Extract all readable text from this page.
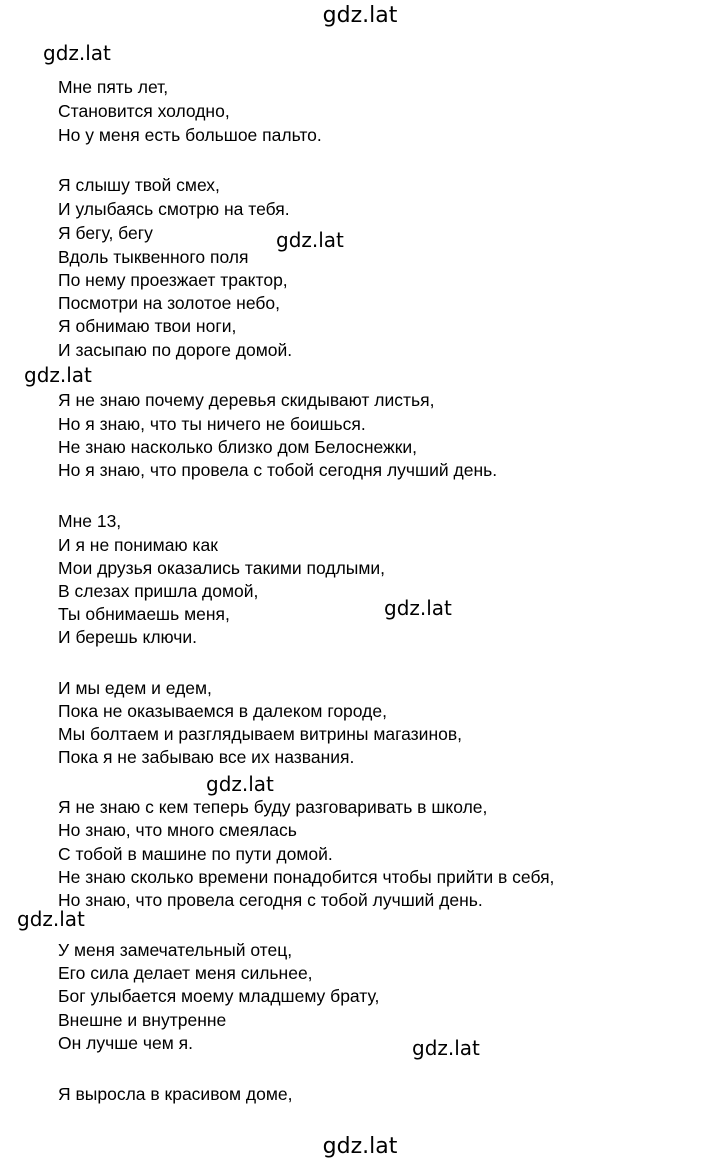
gdz.lat
gdz.lat
gdz.lat
gdz.lat
gdz.lat
gdz.lat
gdz.lat
gdz.lat
gdz.lat
Мне пять лет,
Становится холодно,
Но у меня есть большое пальто.
Я слышу твой смех,
И улыбаясь смотрю на тебя.
Я бегу, бегу
Вдоль тыквенного поля
По нему проезжает трактор,
Посмотри на золотое небо,
Я обнимаю твои ноги,
И засыпаю по дороге домой.
Я не знаю почему деревья скидывают листья,
Но я знаю, что ты ничего не боишься.
Не знаю насколько близко дом Белоснежки,
Но я знаю, что провела с тобой сегодня лучший день.
Мне 13,
И я не понимаю как
Мои друзья оказались такими подлыми,
В слезах пришла домой,
Ты обнимаешь меня,
И берешь ключи.
И мы едем и едем,
Пока не оказываемся в далеком городе,
Мы болтаем и разглядываем витрины магазинов,
Пока я не забываю все их названия.
Я не знаю с кем теперь буду разговаривать в школе,
Но знаю, что много смеялась
С тобой в машине по пути домой.
Не знаю сколько времени понадобится чтобы прийти в себя,
Но знаю, что провела сегодня с тобой лучший день.
У меня замечательный отец,
Его сила делает меня сильнее,
Бог улыбается моему младшему брату,
Внешне и внутренне
Он лучше чем я.
Я выросла в красивом доме,
